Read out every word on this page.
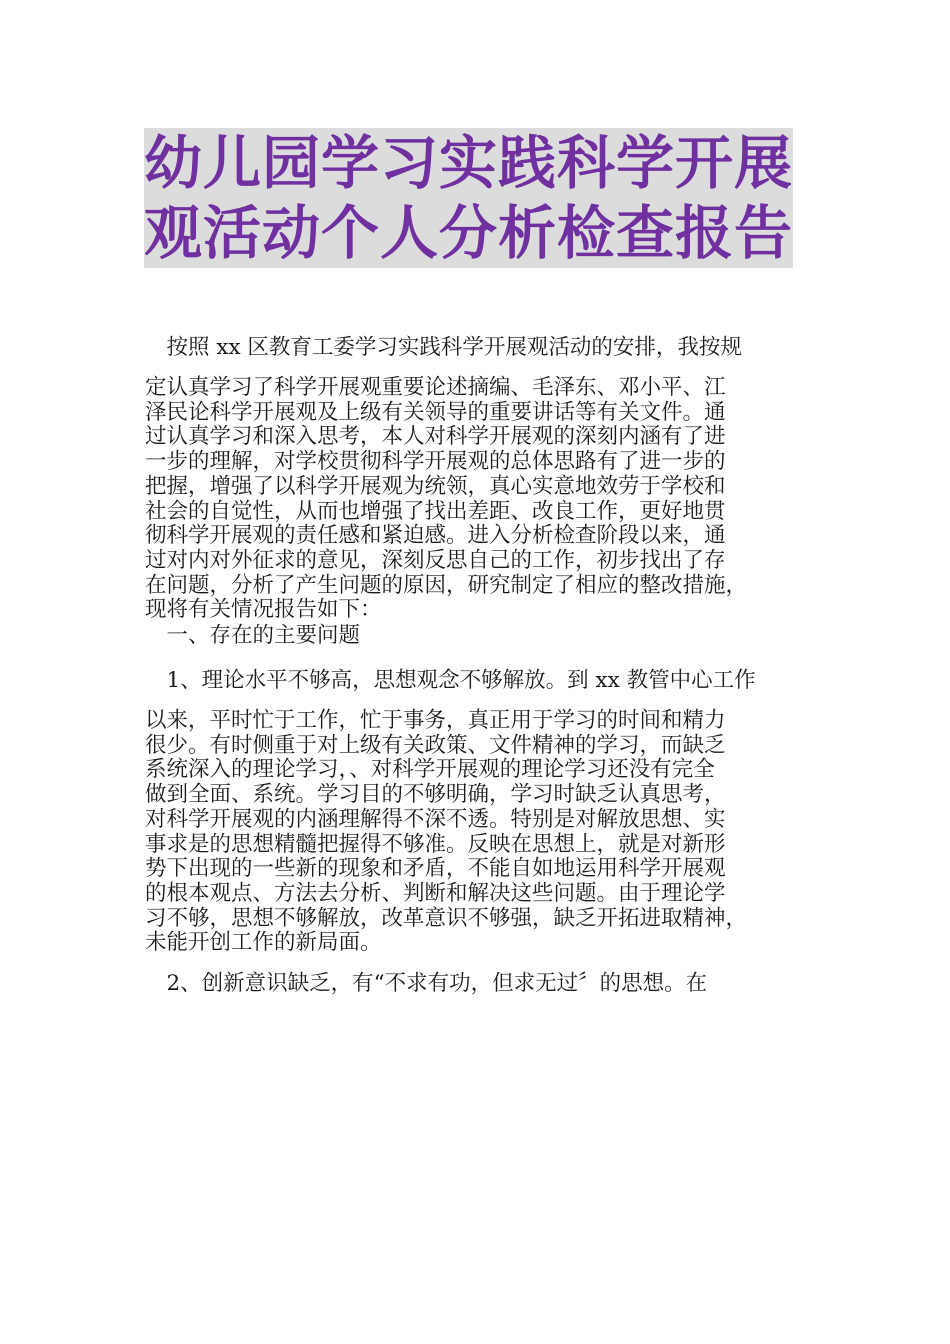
幼儿园学习实践科学开展
观活动个人分析检查报告

　按照 xx 区教育工委学习实践科学开展观活动的安排，我按规

定认真学习了科学开展观重要论述摘编、毛泽东、邓小平、江
泽民论科学开展观及上级有关领导的重要讲话等有关文件。通
过认真学习和深入思考，本人对科学开展观的深刻内涵有了进
一步的理解，对学校贯彻科学开展观的总体思路有了进一步的
把握，增强了以科学开展观为统领，真心实意地效劳于学校和
社会的自觉性，从而也增强了找出差距、改良工作，更好地贯
彻科学开展观的责任感和紧迫感。进入分析检查阶段以来，通
过对内对外征求的意见，深刻反思自己的工作，初步找出了存
在问题，分析了产生问题的原因，研究制定了相应的整改措施，
现将有关情况报告如下：

　一、存在的主要问题

　1、理论水平不够高，思想观念不够解放。到 xx 教管中心工作

以来，平时忙于工作，忙于事务，真正用于学习的时间和精力
很少。有时侧重于对上级有关政策、文件精神的学习，而缺乏
系统深入的理论学习，、对科学开展观的理论学习还没有完全
做到全面、系统。学习目的不够明确，学习时缺乏认真思考，
对科学开展观的内涵理解得不深不透。特别是对解放思想、实
事求是的思想精髓把握得不够准。反映在思想上，就是对新形
势下出现的一些新的现象和矛盾，不能自如地运用科学开展观
的根本观点、方法去分析、判断和解决这些问题。由于理论学
习不够，思想不够解放，改革意识不够强，缺乏开拓进取精神，
未能开创工作的新局面。

　2、创新意识缺乏，有“不求有功，但求无过〞的思想。在
